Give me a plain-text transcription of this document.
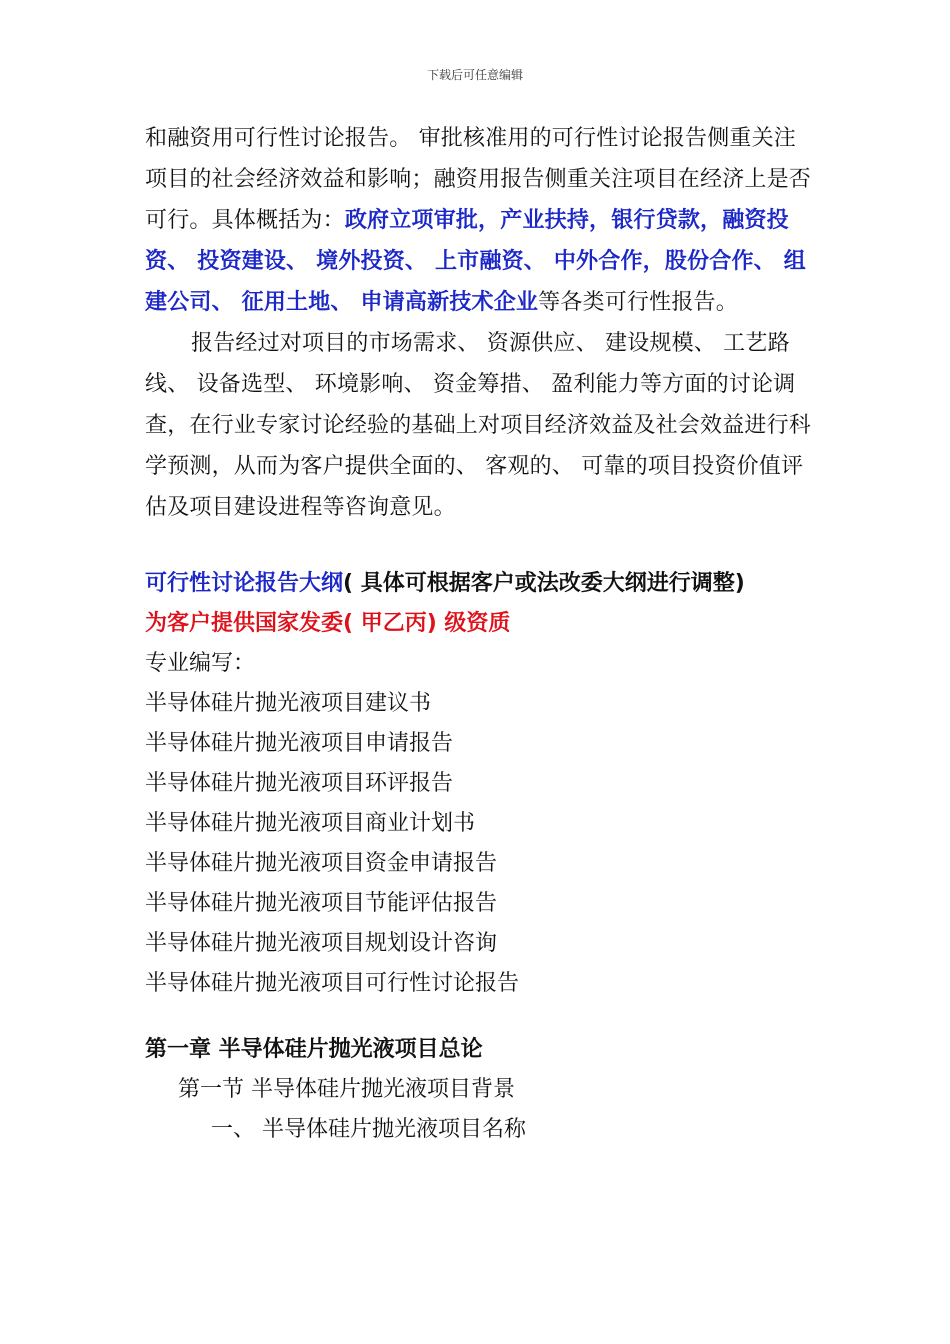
下载后可任意编辑

和融资用可行性讨论报告。 审批核准用的可行性讨论报告侧重关注项目的社会经济效益和影响；融资用报告侧重关注项目在经济上是否可行。具体概括为：政府立项审批，产业扶持，银行贷款，融资投资、 投资建设、 境外投资、 上市融资、 中外合作，股份合作、 组建公司、 征用土地、 申请高新技术企业等各类可行性报告。

报告经过对项目的市场需求、 资源供应、 建设规模、 工艺路线、 设备选型、 环境影响、 资金筹措、 盈利能力等方面的讨论调查，在行业专家讨论经验的基础上对项目经济效益及社会效益进行科学预测，从而为客户提供全面的、 客观的、 可靠的项目投资价值评估及项目建设进程等咨询意见。

可行性讨论报告大纲( 具体可根据客户或法改委大纲进行调整)

为客户提供国家发委( 甲乙丙) 级资质

专业编写：

半导体硅片抛光液项目建议书

半导体硅片抛光液项目申请报告

半导体硅片抛光液项目环评报告

半导体硅片抛光液项目商业计划书

半导体硅片抛光液项目资金申请报告

半导体硅片抛光液项目节能评估报告

半导体硅片抛光液项目规划设计咨询

半导体硅片抛光液项目可行性讨论报告

第一章 半导体硅片抛光液项目总论

第一节 半导体硅片抛光液项目背景

一、 半导体硅片抛光液项目名称
